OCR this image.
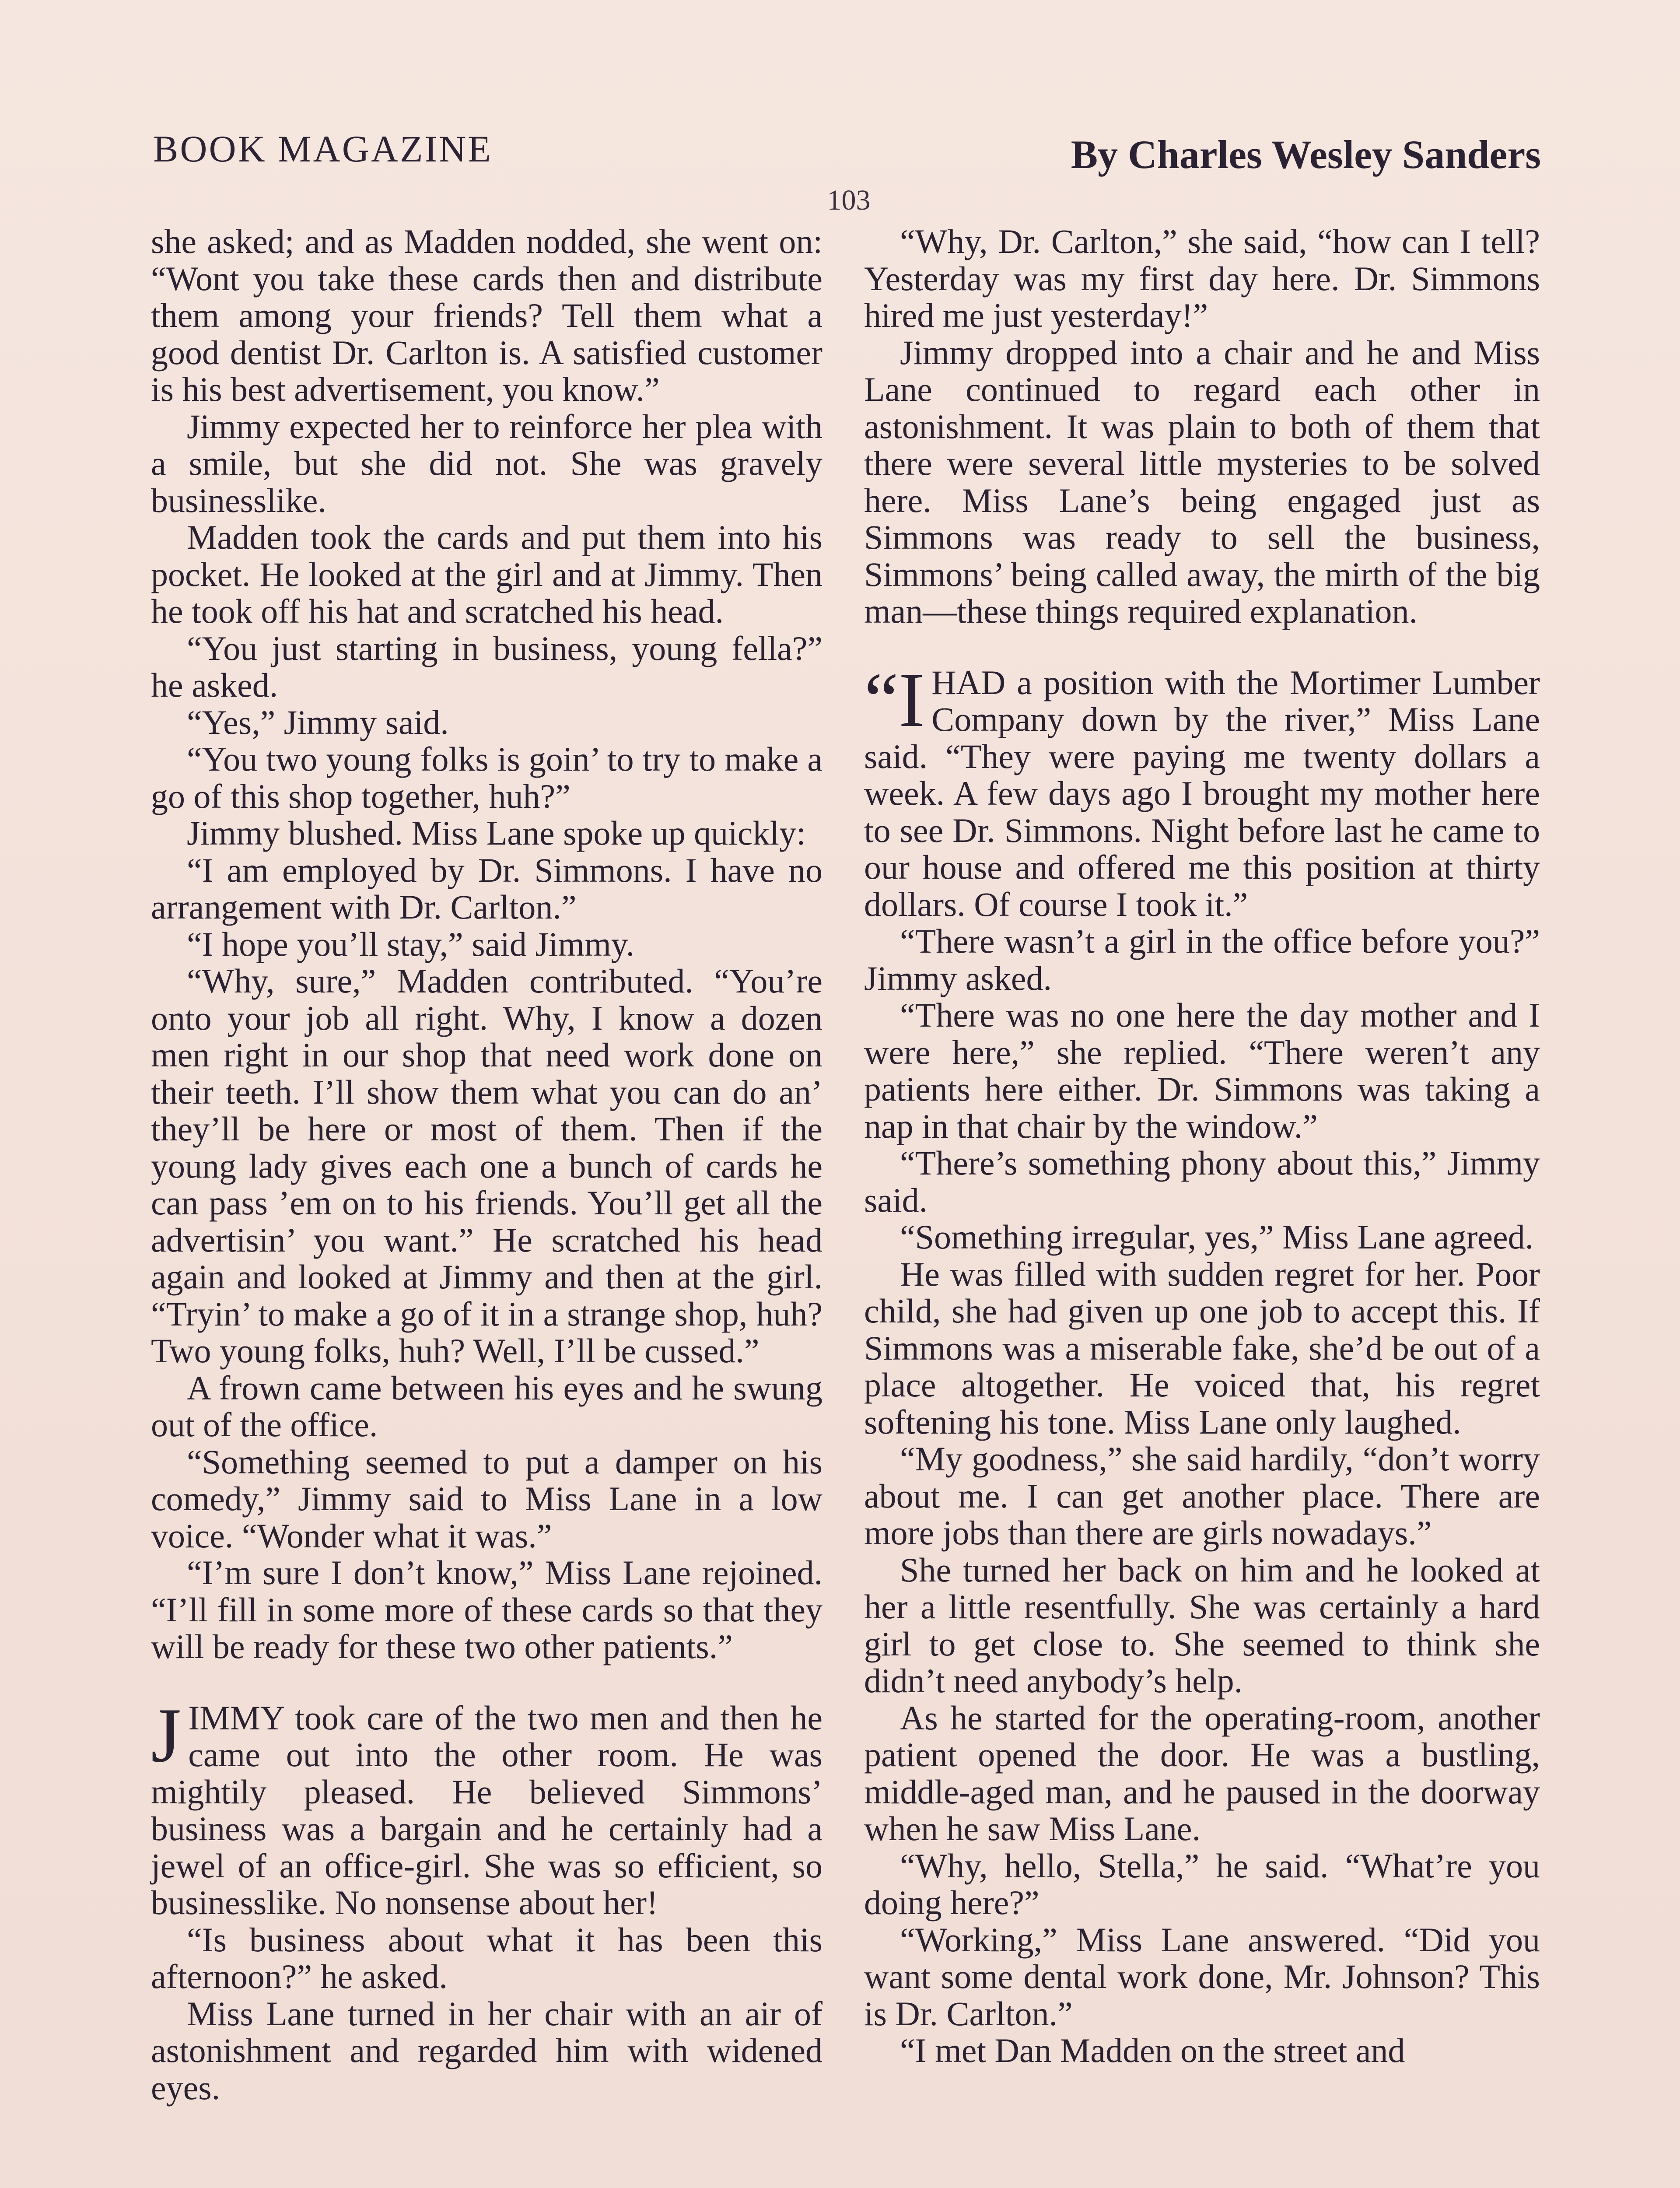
BOOK MAGAZINE	By Charles Wesley Sanders
103

she asked; and as Madden nodded, she went on: “Wont you take these cards then and distribute them among your friends? Tell them what a good dentist Dr. Carlton is. A satisfied customer is his best advertisement, you know.”

Jimmy expected her to reinforce her plea with a smile, but she did not. She was gravely businesslike.

Madden took the cards and put them into his pocket. He looked at the girl and at Jimmy. Then he took off his hat and scratched his head.

“You just starting in business, young fella?” he asked.

“Yes,” Jimmy said.

“You two young folks is goin’ to try to make a go of this shop together, huh?”

Jimmy blushed. Miss Lane spoke up quickly:

“I am employed by Dr. Simmons. I have no arrangement with Dr. Carlton.”

“I hope you’ll stay,” said Jimmy.

“Why, sure,” Madden contributed. “You’re onto your job all right. Why, I know a dozen men right in our shop that need work done on their teeth. I’ll show them what you can do an’ they’ll be here or most of them. Then if the young lady gives each one a bunch of cards he can pass ’em on to his friends. You’ll get all the advertisin’ you want.” He scratched his head again and looked at Jimmy and then at the girl. “Tryin’ to make a go of it in a strange shop, huh? Two young folks, huh? Well, I’ll be cussed.”

A frown came between his eyes and he swung out of the office.

“Something seemed to put a damper on his comedy,” Jimmy said to Miss Lane in a low voice. “Wonder what it was.”

“I’m sure I don’t know,” Miss Lane rejoined. “I’ll fill in some more of these cards so that they will be ready for these two other patients.”

JIMMY took care of the two men and then he came out into the other room. He was mightily pleased. He believed Simmons’ business was a bargain and he certainly had a jewel of an office-girl. She was so efficient, so businesslike. No nonsense about her!

“Is business about what it has been this afternoon?” he asked.

Miss Lane turned in her chair with an air of astonishment and regarded him with widened eyes.

“Why, Dr. Carlton,” she said, “how can I tell? Yesterday was my first day here. Dr. Simmons hired me just yesterday!”

Jimmy dropped into a chair and he and Miss Lane continued to regard each other in astonishment. It was plain to both of them that there were several little mysteries to be solved here. Miss Lane’s being engaged just as Simmons was ready to sell the business, Simmons’ being called away, the mirth of the big man—these things required explanation.

“IHAD a position with the Mortimer Lumber Company down by the river,” Miss Lane said. “They were paying me twenty dollars a week. A few days ago I brought my mother here to see Dr. Simmons. Night before last he came to our house and offered me this position at thirty dollars. Of course I took it.”

“There wasn’t a girl in the office before you?” Jimmy asked.

“There was no one here the day mother and I were here,” she replied. “There weren’t any patients here either. Dr. Simmons was taking a nap in that chair by the window.”

“There’s something phony about this,” Jimmy said.

“Something irregular, yes,” Miss Lane agreed.

He was filled with sudden regret for her. Poor child, she had given up one job to accept this. If Simmons was a miserable fake, she’d be out of a place altogether. He voiced that, his regret softening his tone. Miss Lane only laughed.

“My goodness,” she said hardily, “don’t worry about me. I can get another place. There are more jobs than there are girls nowadays.”

She turned her back on him and he looked at her a little resentfully. She was certainly a hard girl to get close to. She seemed to think she didn’t need anybody’s help.

As he started for the operating-room, another patient opened the door. He was a bustling, middle-aged man, and he paused in the doorway when he saw Miss Lane.

“Why, hello, Stella,” he said. “What’re you doing here?”

“Working,” Miss Lane answered. “Did you want some dental work done, Mr. Johnson? This is Dr. Carlton.”

“I met Dan Madden on the street and
